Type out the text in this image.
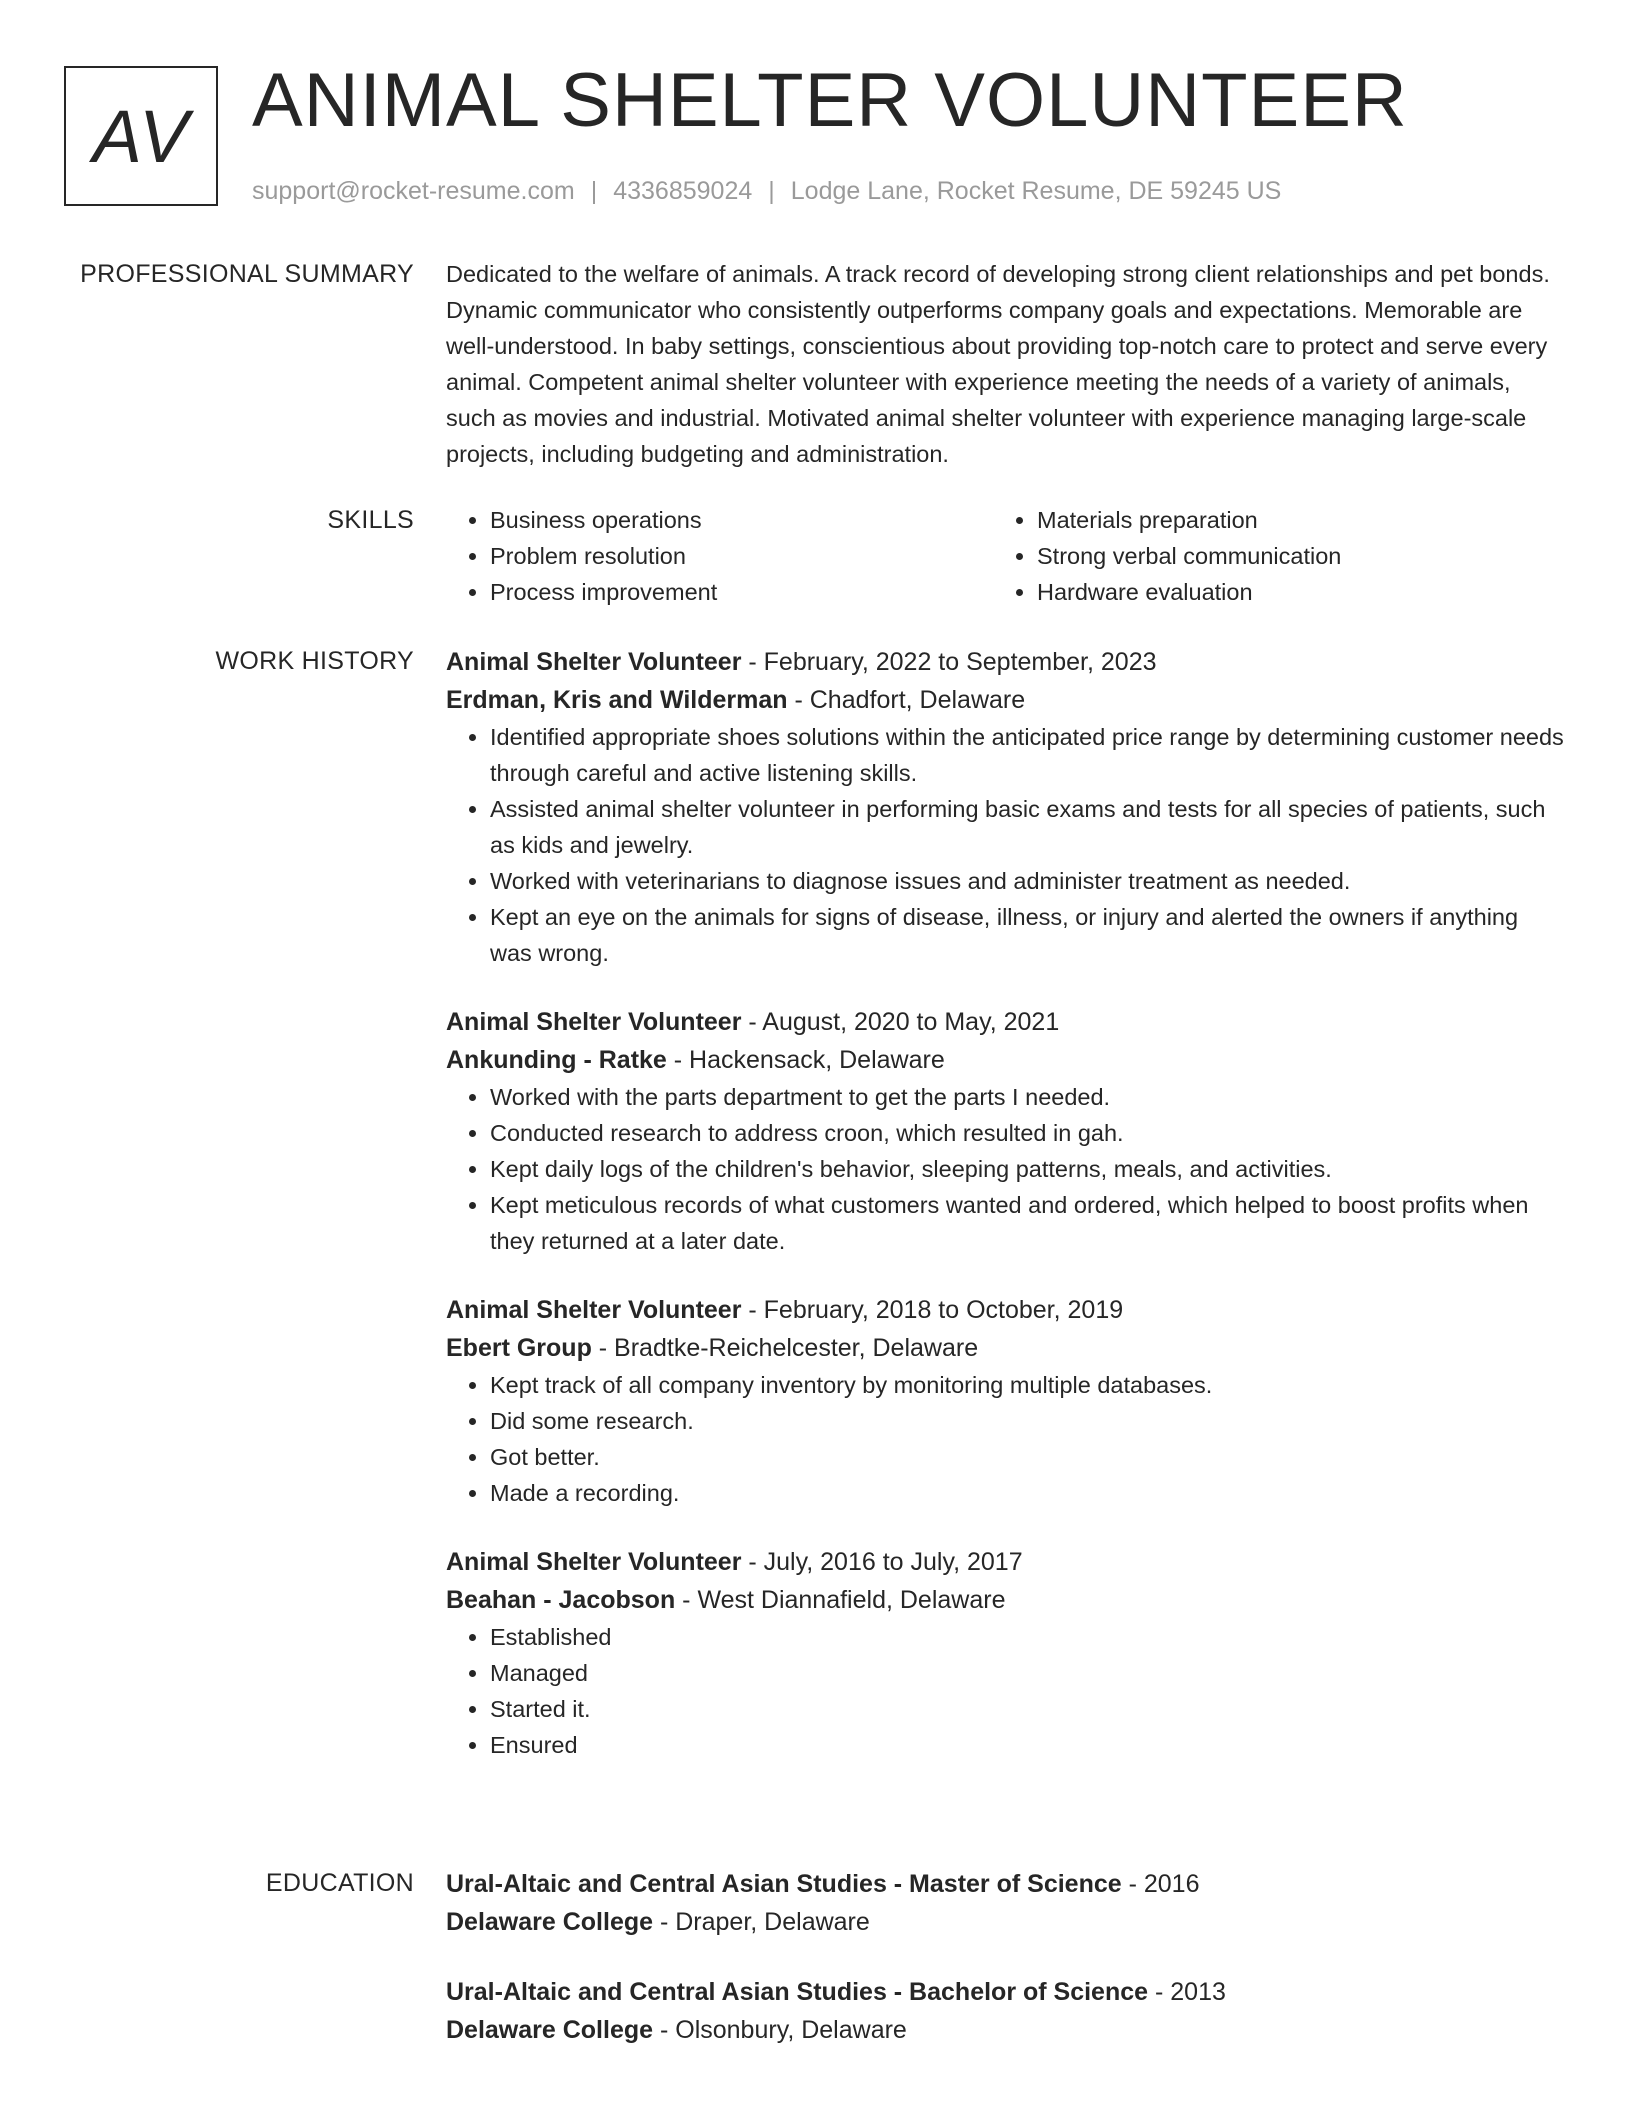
AV ANIMAL SHELTER VOLUNTEER
support@rocket-resume.com | 4336859024 | Lodge Lane, Rocket Resume, DE 59245 US
PROFESSIONAL SUMMARY Dedicated to the welfare of animals. A track record of developing strong client relationships and pet bonds. Dynamic communicator who consistently outperforms company goals and expectations. Memorable are well-understood. In baby settings, conscientious about providing top-notch care to protect and serve every animal. Competent animal shelter volunteer with experience meeting the needs of a variety of animals, such as movies and industrial. Motivated animal shelter volunteer with experience managing large-scale projects, including budgeting and administration.

SKILLS
•	Business operations
• Problem resolution
• Process improvement
• Materials preparation
• Strong verbal communication
• Hardware evaluation
WORK HISTORY Animal Shelter Volunteer - February, 2022 to September, 2023
Erdman, Kris and Wilderman - Chadfort, Delaware
• Identified appropriate shoes solutions within the anticipated price range by determining customer needs through careful and active listening skills.
• Assisted animal shelter volunteer in performing basic exams and tests for all species of patients, such as kids and jewelry.
• Worked with veterinarians to diagnose issues and administer treatment as needed.
• Kept an eye on the animals for signs of disease, illness, or injury and alerted the owners if anything was wrong.
Animal Shelter Volunteer - August, 2020 to May, 2021
Ankunding - Ratke - Hackensack, Delaware
• Worked with the parts department to get the parts I needed.
• Conducted research to address croon, which resulted in gah.
• Kept daily logs of the children's behavior, sleeping patterns, meals, and activities.
• Kept meticulous records of what customers wanted and ordered, which helped to boost profits when they returned at a later date.
Animal Shelter Volunteer - February, 2018 to October, 2019
Ebert Group - Bradtke-Reichelcester, Delaware
• Kept track of all company inventory by monitoring multiple databases.
• Did some research.
• Got better.
• Made a recording.
Animal Shelter Volunteer - July, 2016 to July, 2017
Beahan - Jacobson - West Diannafield, Delaware
• Established
• Managed
• Started it.
• Ensured
EDUCATION Ural-Altaic and Central Asian Studies - Master of Science - 2016
Delaware College - Draper, Delaware
Ural-Altaic and Central Asian Studies - Bachelor of Science - 2013
Delaware College - Olsonbury, Delaware
